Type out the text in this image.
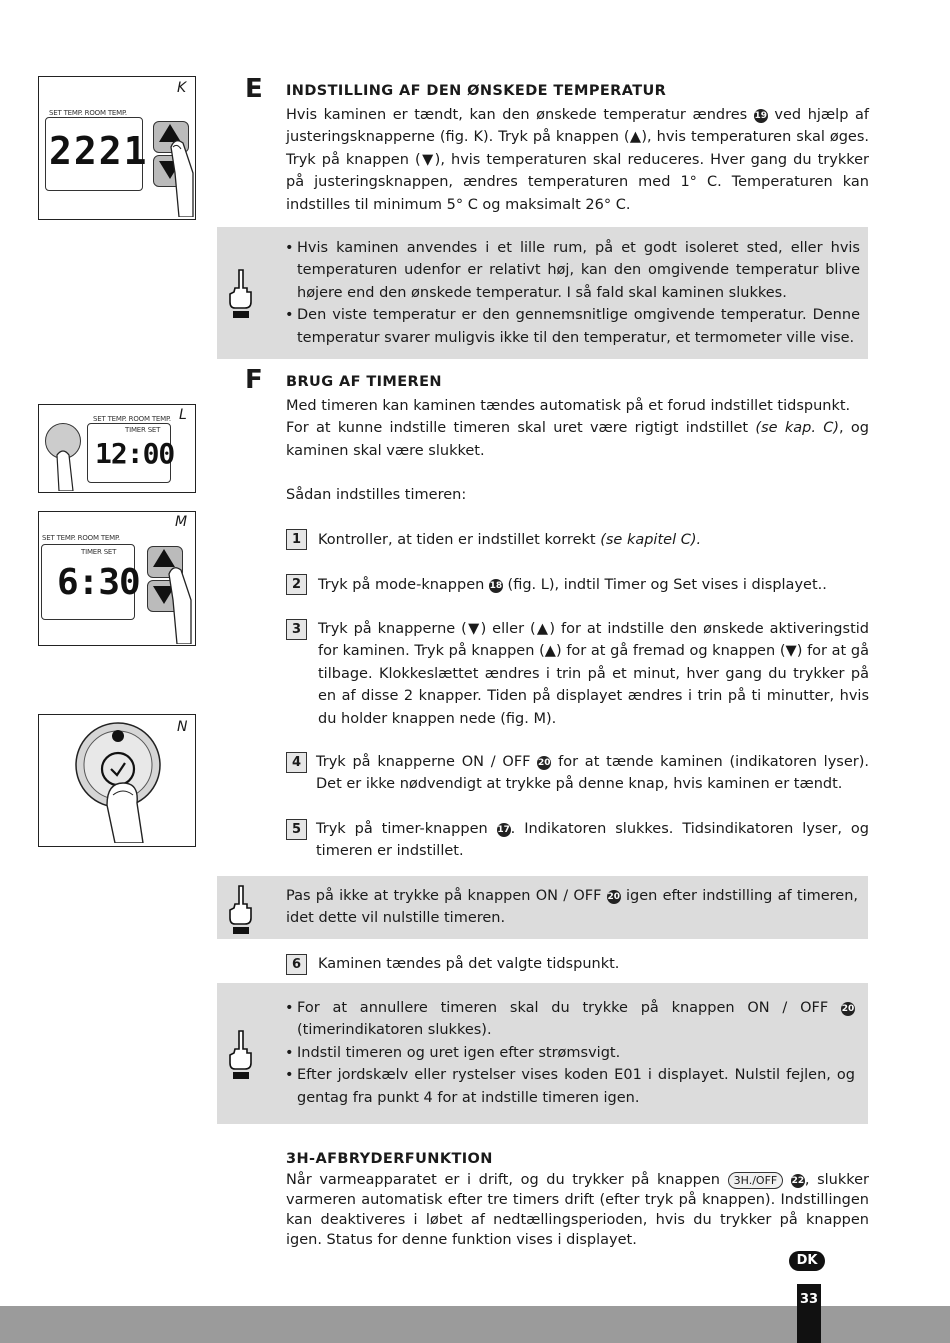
K
SET TEMP. ROOM TEMP.
2221
L
SET TEMP. ROOM TEMP.
TIMER SET
12:00
M
SET TEMP. ROOM TEMP.
TIMER SET
6:30
N
E INDSTILLING AF DEN ØNSKEDE TEMPERATUR
Hvis kaminen er tændt, kan den ønskede temperatur ændres 19 ved hjælp af justeringsknapperne (fig. K). Tryk på knappen (▲), hvis temperaturen skal øges. Tryk på knappen (▼), hvis temperaturen skal reduceres. Hver gang du trykker på justeringsknappen, ændres temperaturen med 1° C. Temperaturen kan indstilles til minimum 5° C og maksimalt 26° C.
• Hvis kaminen anvendes i et lille rum, på et godt isoleret sted, eller hvis temperaturen udenfor er relativt høj, kan den omgivende temperatur blive højere end den ønskede temperatur. I så fald skal kaminen slukkes.
• Den viste temperatur er den gennemsnitlige omgivende temperatur. Denne temperatur svarer muligvis ikke til den temperatur, et termometer ville vise.
F BRUG AF TIMEREN
Med timeren kan kaminen tændes automatisk på et forud indstillet tidspunkt.
For at kunne indstille timeren skal uret være rigtigt indstillet (se kap. C), og kaminen skal være slukket.
Sådan indstilles timeren:
1	Kontroller, at tiden er indstillet korrekt (se kapitel C).
2	Tryk på mode-knappen 18 (fig. L), indtil Timer og Set vises i displayet..
3	Tryk på knapperne (▼) eller (▲) for at indstille den ønskede aktiveringstid for kaminen. Tryk på knappen (▲) for at gå fremad og knappen (▼) for at gå tilbage. Klokkeslættet ændres i trin på et minut, hver gang du trykker på en af disse 2 knapper. Tiden på displayet ændres i trin på ti minutter, hvis du holder knappen nede (fig. M).
4	Tryk på knapperne ON / OFF 20 for at tænde kaminen (indikatoren lyser). Det er ikke nødvendigt at trykke på denne knap, hvis kaminen er tændt.
5	Tryk på timer-knappen 17. Indikatoren slukkes. Tidsindikatoren lyser, og timeren er indstillet.
Pas på ikke at trykke på knappen ON / OFF 20 igen efter indstilling af timeren, idet dette vil nulstille timeren.
6	Kaminen tændes på det valgte tidspunkt.
• For at annullere timeren skal du trykke på knappen ON / OFF 20 (timerindikatoren slukkes).
• Indstil timeren og uret igen efter strømsvigt.
• Efter jordskælv eller rystelser vises koden E01 i displayet. Nulstil fejlen, og gentag fra punkt 4 for at indstille timeren igen.
3H-AFBRYDERFUNKTION
Når varmeapparatet er i drift, og du trykker på knappen 3H./OFF 22, slukker varmeren automatisk efter tre timers drift (efter tryk på knappen). Indstillingen kan deaktiveres i løbet af nedtællingsperioden, hvis du trykker på knappen igen. Status for denne funktion vises i displayet.
DK
33
